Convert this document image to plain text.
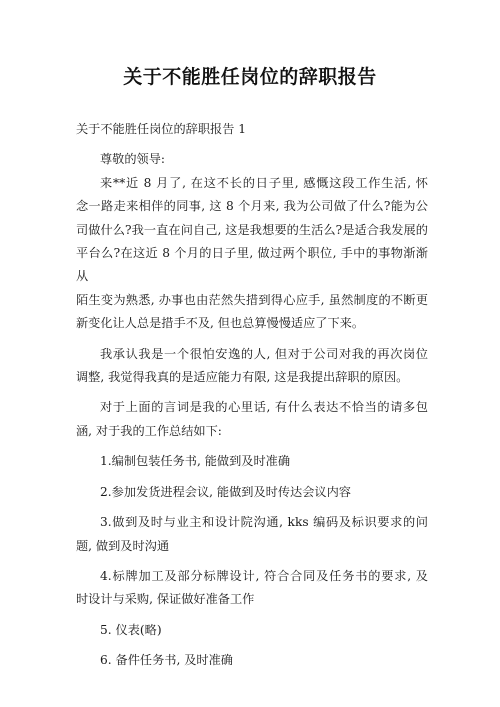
关于不能胜任岗位的辞职报告

关于不能胜任岗位的辞职报告 1

尊敬的领导:

来**近 8 月了, 在这不长的日子里, 感慨这段工作生活, 怀

念一路走来相伴的同事, 这 8 个月来, 我为公司做了什么?能为公

司做什么?我一直在问自己, 这是我想要的生活么?是适合我发展的

平台么?在这近 8 个月的日子里, 做过两个职位, 手中的事物渐渐从

陌生变为熟悉, 办事也由茫然失措到得心应手, 虽然制度的不断更

新变化让人总是措手不及, 但也总算慢慢适应了下来。

我承认我是一个很怕安逸的人, 但对于公司对我的再次岗位

调整, 我觉得我真的是适应能力有限, 这是我提出辞职的原因。

对于上面的言词是我的心里话, 有什么表达不恰当的请多包

涵, 对于我的工作总结如下:

1.编制包装任务书, 能做到及时准确

2.参加发货进程会议, 能做到及时传达会议内容

3.做到及时与业主和设计院沟通, kks 编码及标识要求的问

题, 做到及时沟通

4.标牌加工及部分标牌设计, 符合合同及任务书的要求, 及

时设计与采购, 保证做好准备工作

5. 仪表(略)

6. 备件任务书, 及时准确
